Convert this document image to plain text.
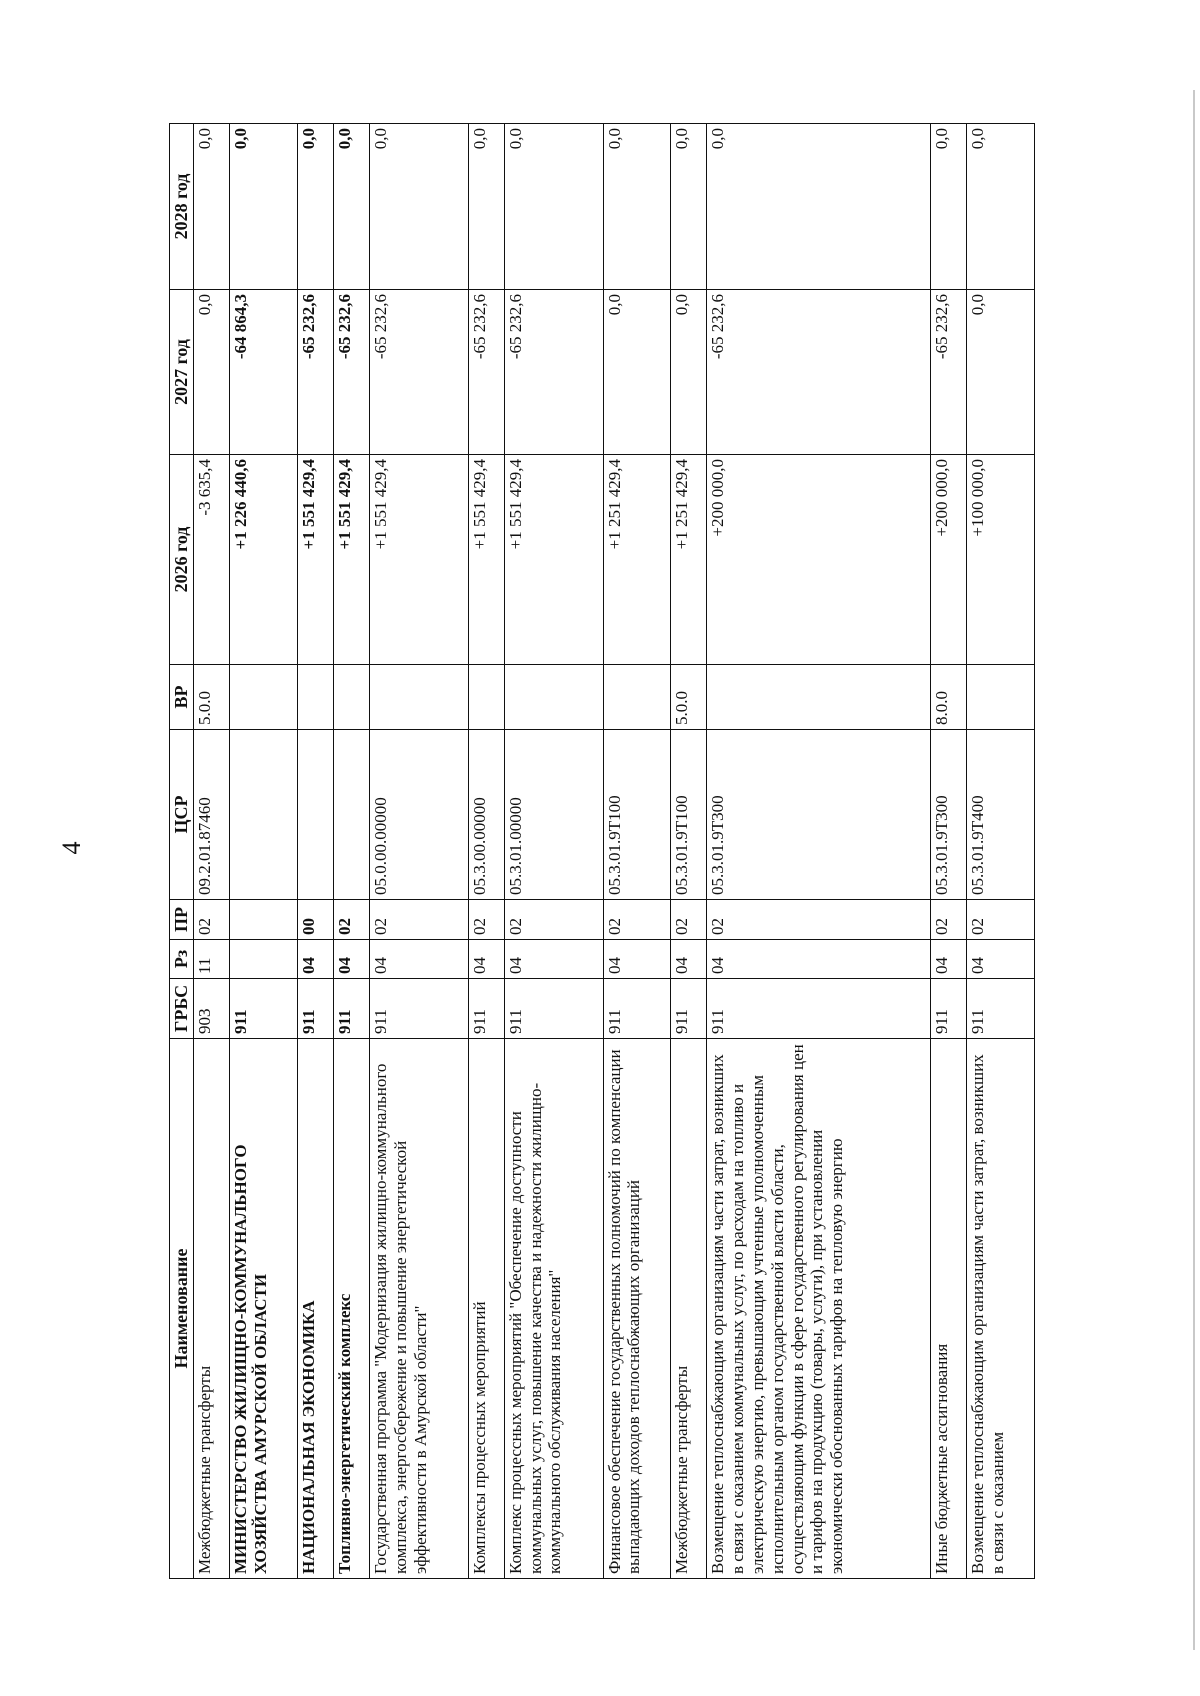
4
Наименование	ГРБС	Рз	ПР	ЦСР	ВР	2026 год	2027 год	2028 год
Межбюджетные трансферты	903	11	02	09.2.01.87460	5.0.0	-3 635,4	0,0	0,0
МИНИСТЕРСТВО ЖИЛИЩНО-КОММУНАЛЬНОГО ХОЗЯЙСТВА АМУРСКОЙ ОБЛАСТИ	911					+1 226 440,6	-64 864,3	0,0
НАЦИОНАЛЬНАЯ ЭКОНОМИКА	911	04	00			+1 551 429,4	-65 232,6	0,0
Топливно-энергетический комплекс	911	04	02			+1 551 429,4	-65 232,6	0,0
Государственная программа "Модернизация жилищно-коммунального комплекса, энергосбережение и повышение энергетической эффективности в Амурской области"	911	04	02	05.0.00.00000		+1 551 429,4	-65 232,6	0,0
Комплексы процессных мероприятий	911	04	02	05.3.00.00000		+1 551 429,4	-65 232,6	0,0
Комплекс процессных мероприятий "Обеспечение доступности коммунальных услуг, повышение качества и надежности жилищно-коммунального обслуживания населения"	911	04	02	05.3.01.00000		+1 551 429,4	-65 232,6	0,0
Финансовое обеспечение государственных полномочий по компенсации выпадающих доходов теплоснабжающих организаций	911	04	02	05.3.01.9Т100		+1 251 429,4	0,0	0,0
Межбюджетные трансферты	911	04	02	05.3.01.9Т100	5.0.0	+1 251 429,4	0,0	0,0
Возмещение теплоснабжающим организациям части затрат, возникших в связи с оказанием коммунальных услуг, по расходам на топливо и электрическую энергию, превышающим учтенные уполномоченным исполнительным органом государственной власти области, осуществляющим функции в сфере государственного регулирования цен и тарифов на продукцию (товары, услуги), при установлении экономически обоснованных тарифов на тепловую энергию	911	04	02	05.3.01.9Т300		+200 000,0	-65 232,6	0,0
Иные бюджетные ассигнования	911	04	02	05.3.01.9Т300	8.0.0	+200 000,0	-65 232,6	0,0
Возмещение теплоснабжающим организациям части затрат, возникших в связи с оказанием	911	04	02	05.3.01.9Т400		+100 000,0	0,0	0,0
